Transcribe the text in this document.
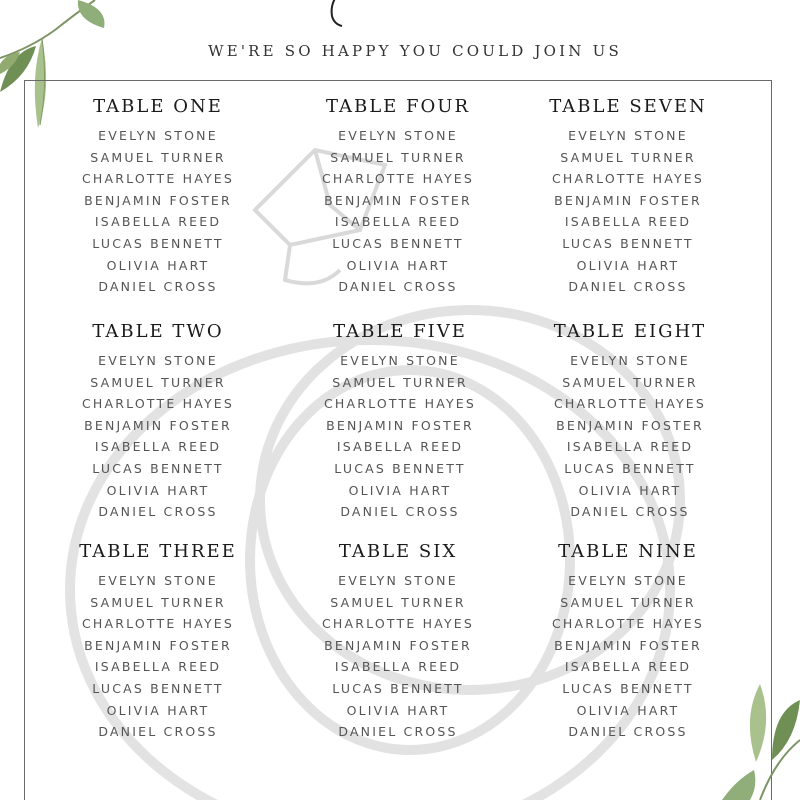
WE'RE SO HAPPY YOU COULD JOIN US
TABLE ONE
EVELYN STONE
SAMUEL TURNER
CHARLOTTE HAYES
BENJAMIN FOSTER
ISABELLA REED
LUCAS BENNETT
OLIVIA HART
DANIEL CROSS
TABLE FOUR
EVELYN STONE
SAMUEL TURNER
CHARLOTTE HAYES
BENJAMIN FOSTER
ISABELLA REED
LUCAS BENNETT
OLIVIA HART
DANIEL CROSS
TABLE SEVEN
EVELYN STONE
SAMUEL TURNER
CHARLOTTE HAYES
BENJAMIN FOSTER
ISABELLA REED
LUCAS BENNETT
OLIVIA HART
DANIEL CROSS
TABLE TWO
EVELYN STONE
SAMUEL TURNER
CHARLOTTE HAYES
BENJAMIN FOSTER
ISABELLA REED
LUCAS BENNETT
OLIVIA HART
DANIEL CROSS
TABLE FIVE
EVELYN STONE
SAMUEL TURNER
CHARLOTTE HAYES
BENJAMIN FOSTER
ISABELLA REED
LUCAS BENNETT
OLIVIA HART
DANIEL CROSS
TABLE EIGHT
EVELYN STONE
SAMUEL TURNER
CHARLOTTE HAYES
BENJAMIN FOSTER
ISABELLA REED
LUCAS BENNETT
OLIVIA HART
DANIEL CROSS
TABLE THREE
EVELYN STONE
SAMUEL TURNER
CHARLOTTE HAYES
BENJAMIN FOSTER
ISABELLA REED
LUCAS BENNETT
OLIVIA HART
DANIEL CROSS
TABLE SIX
EVELYN STONE
SAMUEL TURNER
CHARLOTTE HAYES
BENJAMIN FOSTER
ISABELLA REED
LUCAS BENNETT
OLIVIA HART
DANIEL CROSS
TABLE NINE
EVELYN STONE
SAMUEL TURNER
CHARLOTTE HAYES
BENJAMIN FOSTER
ISABELLA REED
LUCAS BENNETT
OLIVIA HART
DANIEL CROSS
